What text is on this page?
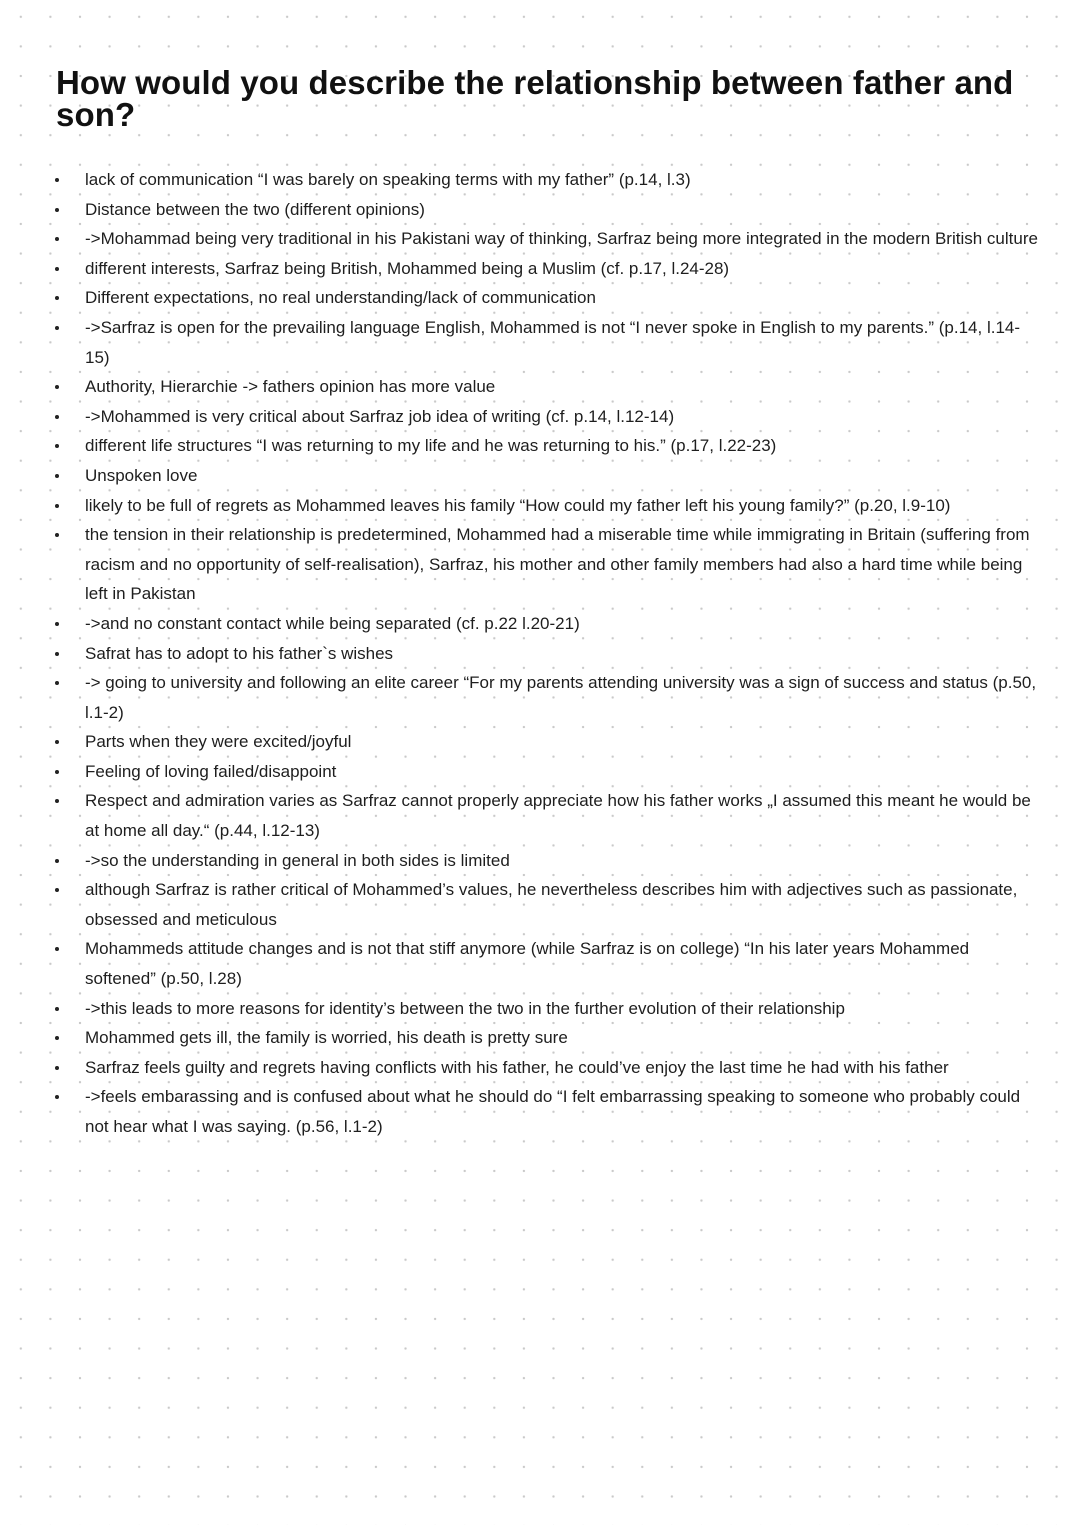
How would you describe the relationship between father and son?
lack of communication “I was barely on speaking terms with my father” (p.14, l.3)
Distance between the two (different opinions)
->Mohammad being very traditional in his Pakistani way of thinking, Sarfraz being more integrated in the modern British culture
different interests, Sarfraz being British, Mohammed being a Muslim (cf. p.17, l.24-28)
Different expectations, no real understanding/lack of communication
->Sarfraz is open for the prevailing language English, Mohammed is not “I never spoke in English to my parents.” (p.14, l.14-15)
Authority, Hierarchie -> fathers opinion has more value
->Mohammed is very critical about Sarfraz job idea of writing (cf. p.14, l.12-14)
different life structures “I was returning to my life and he was returning to his.” (p.17, l.22-23)
Unspoken love
likely to be full of regrets as Mohammed leaves his family “How could my father left his young family?” (p.20, l.9-10)
the tension in their relationship is predetermined, Mohammed had a miserable time while immigrating in Britain (suffering from racism and no opportunity of self-realisation), Sarfraz, his mother and other family members had also a hard time while being left in Pakistan
->and no constant contact while being separated (cf. p.22 l.20-21)
Safrat has to adopt to his father`s wishes
-> going to university and following an elite career “For my parents attending university was a sign of success and status (p.50, l.1-2)
Parts when they were excited/joyful
Feeling of loving failed/disappoint
Respect and admiration varies as Sarfraz cannot properly appreciate how his father works „I assumed this meant he would be at home all day.“ (p.44, l.12-13)
->so the understanding in general in both sides is limited
although Sarfraz is rather critical of Mohammed’s values, he nevertheless describes him with adjectives such as passionate, obsessed and meticulous
Mohammeds attitude changes and is not that stiff anymore (while Sarfraz is on college) “In his later years Mohammed softened” (p.50, l.28)
->this leads to more reasons for identity’s between the two in the further evolution of their relationship
Mohammed gets ill, the family is worried, his death is pretty sure
Sarfraz feels guilty and regrets having conflicts with his father, he could’ve enjoy the last time he had with his father
->feels embarassing and is confused about what he should do “I felt embarrassing speaking to someone who probably could not hear what I was saying. (p.56, l.1-2)
